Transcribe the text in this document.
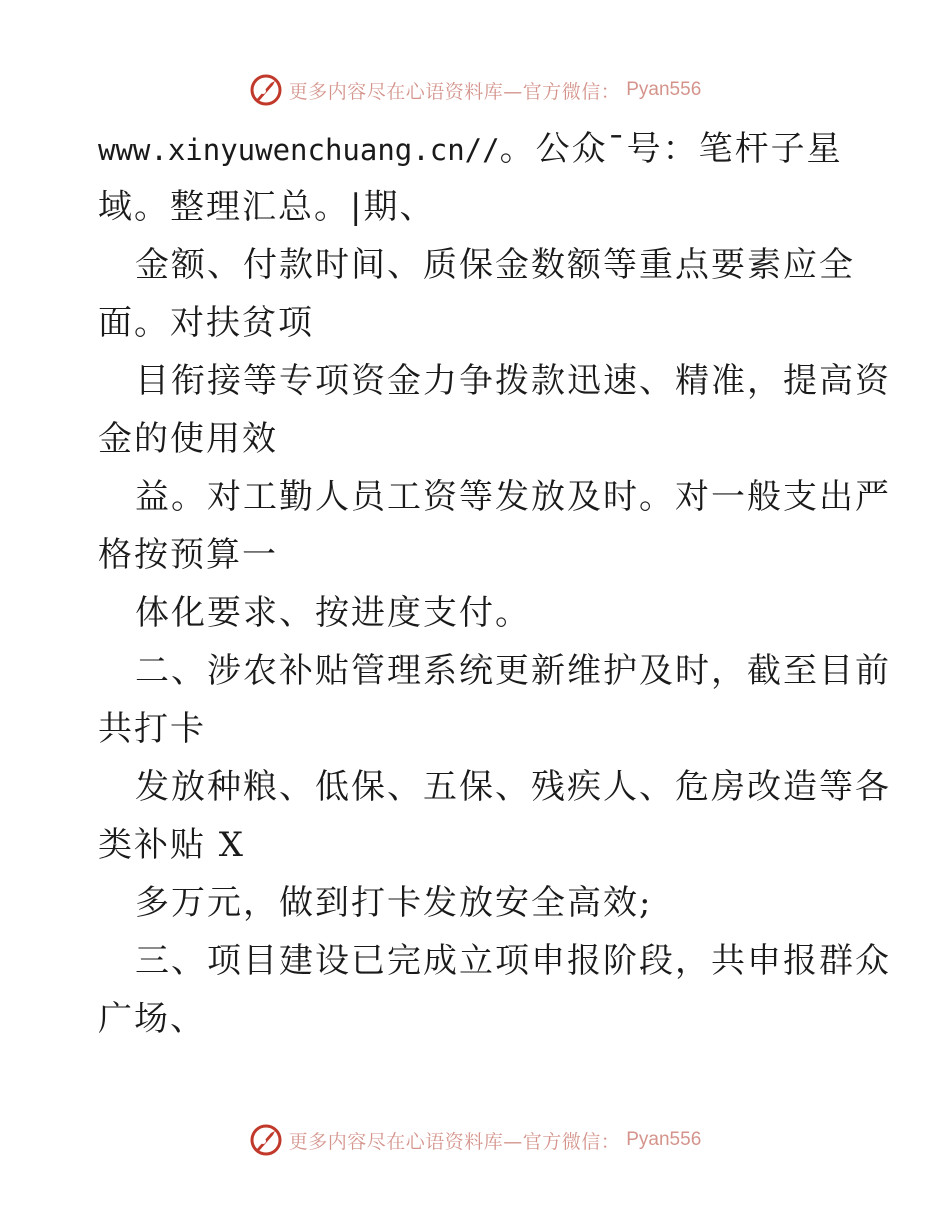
更多内容尽在心语资料库—官方微信： Pyan556
www.xinyuwenchuang.cn//。公众¯号：笔杆子星
域。整理汇总。|期、
金额、付款时间、质保金数额等重点要素应全
面。对扶贫项
目衔接等专项资金力争拨款迅速、精准，提高资
金的使用效
益。对工勤人员工资等发放及时。对一般支出严
格按预算一
体化要求、按进度支付。
二、涉农补贴管理系统更新维护及时，截至目前
共打卡
发放种粮、低保、五保、残疾人、危房改造等各
类补贴 X
多万元，做到打卡发放安全高效;
三、项目建设已完成立项申报阶段，共申报群众
广场、
更多内容尽在心语资料库—官方微信： Pyan556
